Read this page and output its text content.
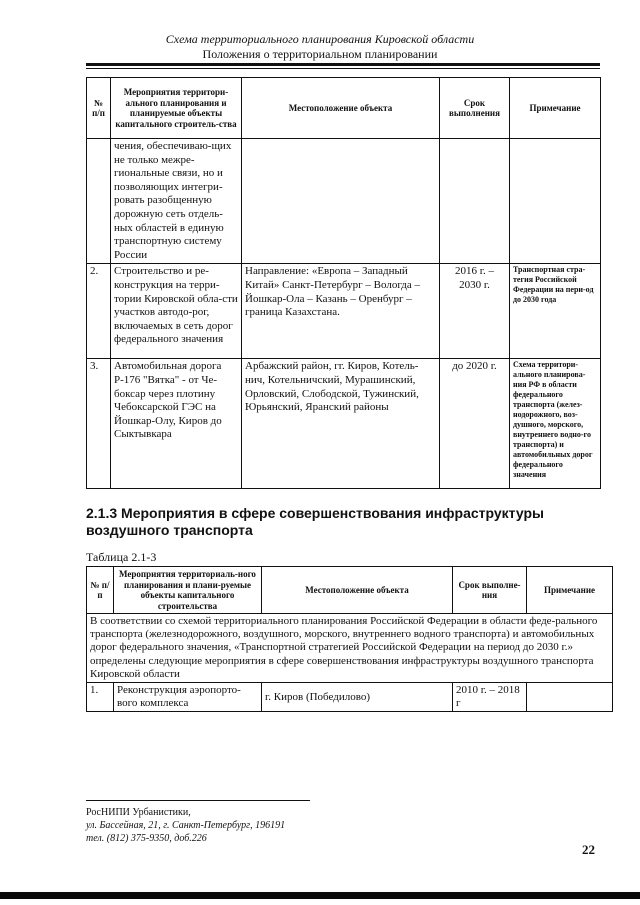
Схема территориального планирования Кировской области
Положения о территориальном планировании
№ п/п	Мероприятия территори-ального планирования и планируемые объекты капитального строитель-ства	Местоположение объекта	Срок выполнения	Примечание
	чения, обеспечиваю-щих не только межре-гиональные связи, но и позволяющих интегри-ровать разобщенную дорожную сеть отдель-ных областей в единую транспортную систему России			
2.	Строительство и ре-конструкция на терри-тории Кировской обла-сти участков автодо-рог, включаемых в сеть дорог федерального значения	Направление: «Европа – Западный Китай» Санкт-Петербург – Вологда – Йошкар-Ола – Казань – Оренбург – граница Казахстана.	2016 г. – 2030 г.	Транспортная стра-тегия Российской Федерации на пери-од до 2030 года
3.	Автомобильная дорога Р-176 "Вятка" - от Че-боксар через плотину Чебоксарской ГЭС на Йошкар-Олу, Киров до Сыктывкара	Арбажский район, гг. Киров, Котель-нич, Котельничский, Мурашинский, Орловский, Слободской, Тужинский, Юрьянский, Яранский районы	до 2020 г.	Схема территори-ального планирова-ния РФ в области федерального транспорта (желез-нодорожного, воз-душного, морского, внутреннего водно-го транспорта) и автомобильных дорог федерального значения
2.1.3 Мероприятия в сфере совершенствования инфраструктуры воздушного транспорта
Таблица 2.1-3
№ п/п	Мероприятия территориаль-ного планирования и плани-руемые объекты капитального строительства	Местоположение объекта	Срок выполне-ния	Примечание
В соответствии со схемой территориального планирования Российской Федерации в области феде-рального транспорта (железнодорожного, воздушного, морского, внутреннего водного транспорта) и автомобильных дорог федерального значения, «Транспортной стратегией Российской Федерации на период до 2030 г.» определены следующие мероприятия в сфере совершенствования инфраструктуры воздушного транспорта Кировской области				
1.	Реконструкция аэропорто-вого комплекса	г. Киров (Победилово)	2010 г. – 2018 г	
РосНИПИ Урбанистики,
ул. Бассейная, 21, г. Санкт-Петербург, 196191
тел. (812) 375-9350, доб.226
22
